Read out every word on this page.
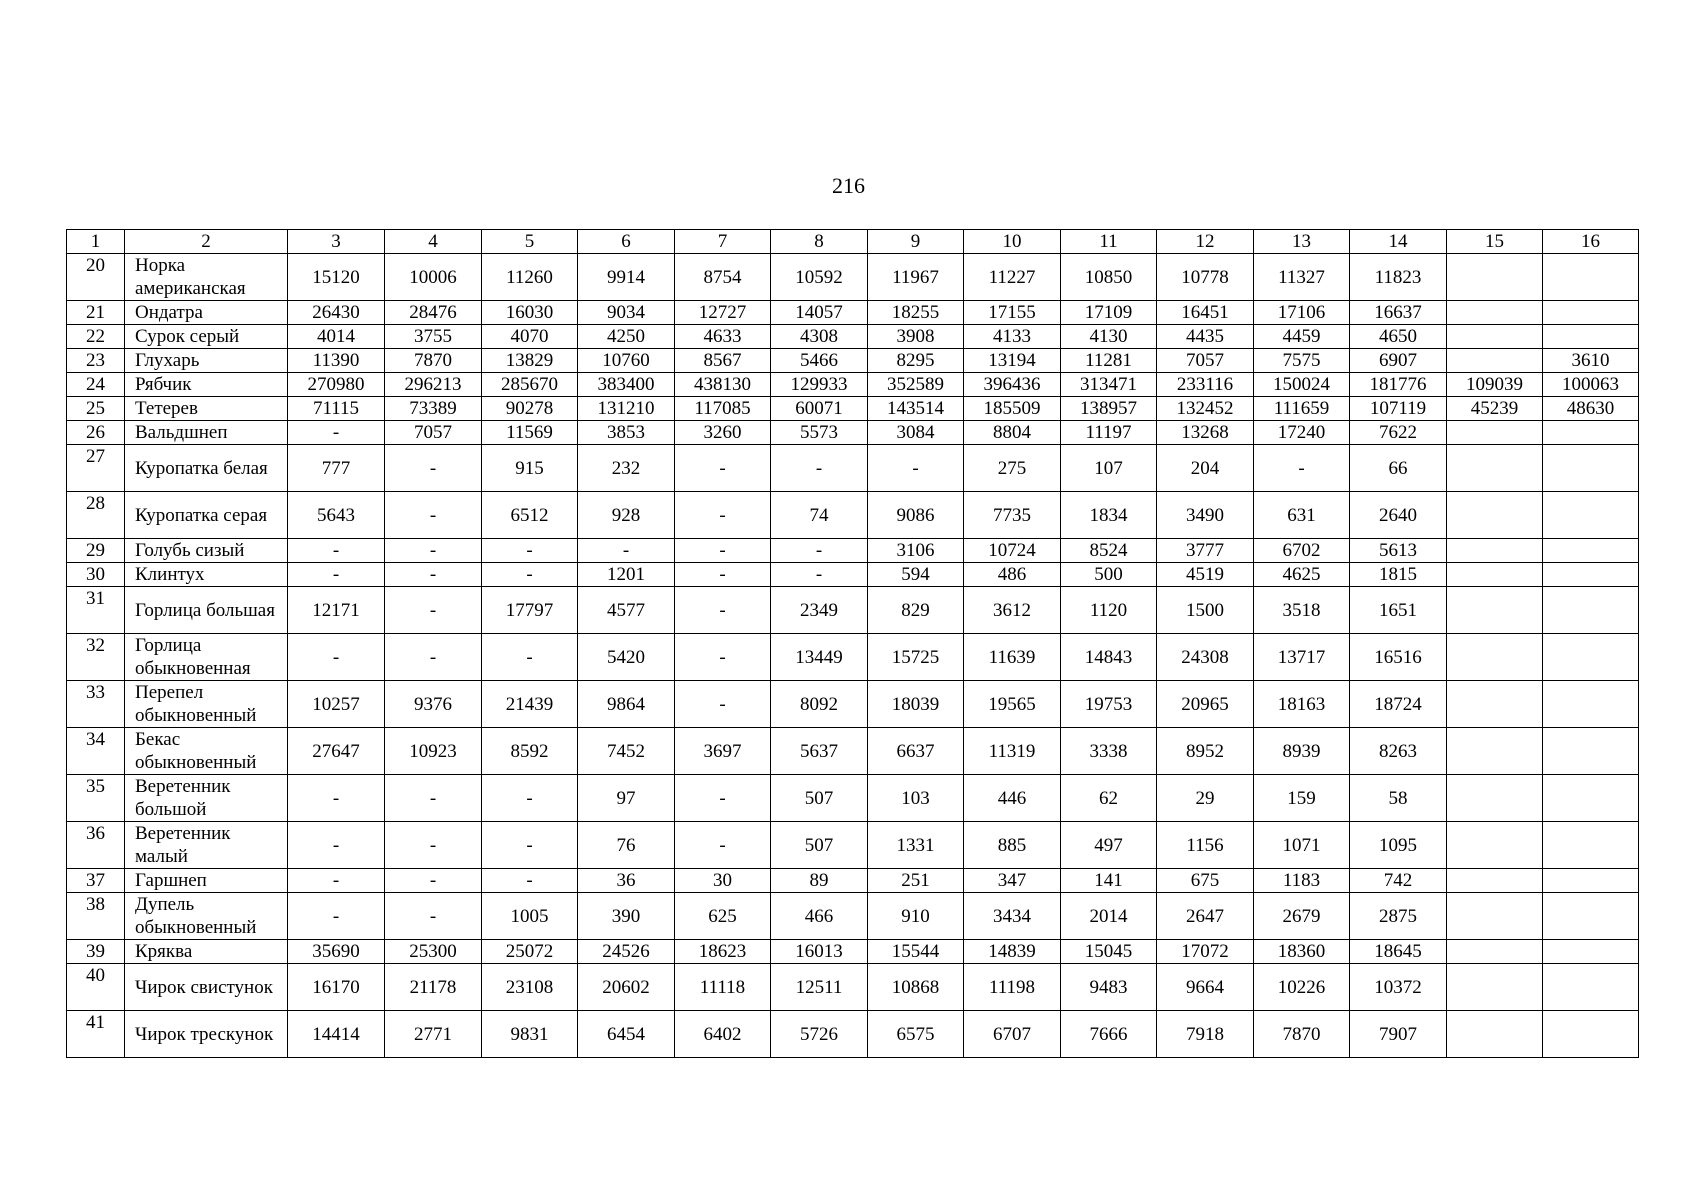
216
1	2	3	4	5	6	7	8	9	10	11	12	13	14	15	16
20	Норка американская	15120	10006	11260	9914	8754	10592	11967	11227	10850	10778	11327	11823		
21	Ондатра	26430	28476	16030	9034	12727	14057	18255	17155	17109	16451	17106	16637		
22	Сурок серый	4014	3755	4070	4250	4633	4308	3908	4133	4130	4435	4459	4650		
23	Глухарь	11390	7870	13829	10760	8567	5466	8295	13194	11281	7057	7575	6907		3610
24	Рябчик	270980	296213	285670	383400	438130	129933	352589	396436	313471	233116	150024	181776	109039	100063
25	Тетерев	71115	73389	90278	131210	117085	60071	143514	185509	138957	132452	111659	107119	45239	48630
26	Вальдшнеп	-	7057	11569	3853	3260	5573	3084	8804	11197	13268	17240	7622		
27	Куропатка белая	777	-	915	232	-	-	-	275	107	204	-	66		
28	Куропатка серая	5643	-	6512	928	-	74	9086	7735	1834	3490	631	2640		
29	Голубь сизый	-	-	-	-	-	-	3106	10724	8524	3777	6702	5613		
30	Клинтух	-	-	-	1201	-	-	594	486	500	4519	4625	1815		
31	Горлица большая	12171	-	17797	4577	-	2349	829	3612	1120	1500	3518	1651		
32	Горлица обыкновенная	-	-	-	5420	-	13449	15725	11639	14843	24308	13717	16516		
33	Перепел обыкновенный	10257	9376	21439	9864	-	8092	18039	19565	19753	20965	18163	18724		
34	Бекас обыкновенный	27647	10923	8592	7452	3697	5637	6637	11319	3338	8952	8939	8263		
35	Веретенник большой	-	-	-	97	-	507	103	446	62	29	159	58		
36	Веретенник малый	-	-	-	76	-	507	1331	885	497	1156	1071	1095		
37	Гаршнеп	-	-	-	36	30	89	251	347	141	675	1183	742		
38	Дупель обыкновенный	-	-	1005	390	625	466	910	3434	2014	2647	2679	2875		
39	Кряква	35690	25300	25072	24526	18623	16013	15544	14839	15045	17072	18360	18645		
40	Чирок свистунок	16170	21178	23108	20602	11118	12511	10868	11198	9483	9664	10226	10372		
41	Чирок трескунок	14414	2771	9831	6454	6402	5726	6575	6707	7666	7918	7870	7907		
